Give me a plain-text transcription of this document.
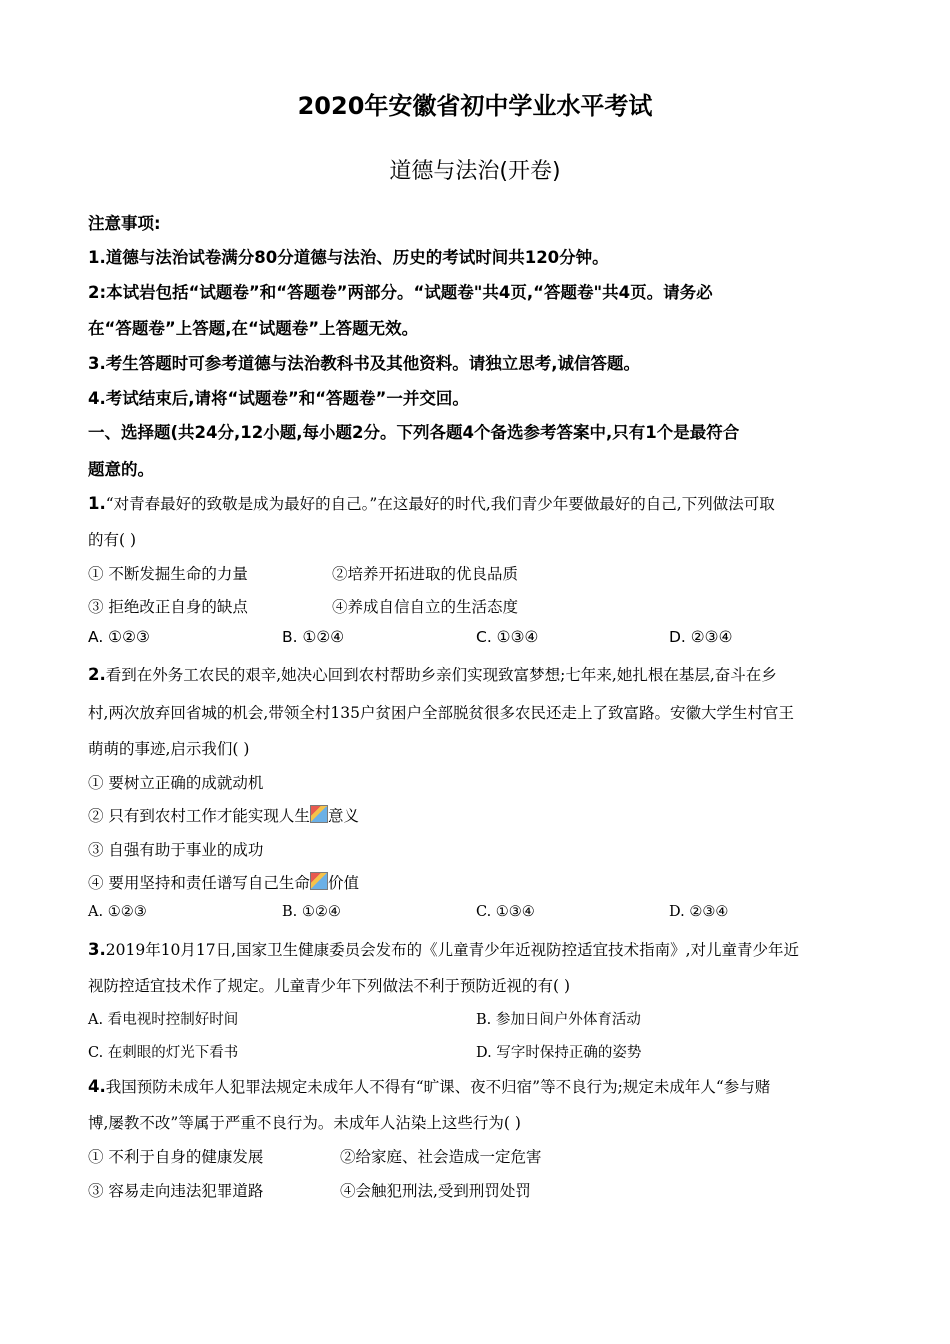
2020年安徽省初中学业水平考试
道德与法治(开卷)
注意事项:
1.道德与法治试卷满分80分道德与法治、历史的考试时间共120分钟。
2:本试岩包括“试题卷”和“答题卷”两部分。“试题卷"共4页,“答题卷"共4页。请务必
在“答题卷”上答题,在“试题卷”上答题无效。
3.考生答题时可参考道德与法治教科书及其他资料。请独立思考,诚信答题。
4.考试结束后,请将“试题卷”和“答题卷”一并交回。
一、选择题(共24分,12小题,每小题2分。下列各题4个备选参考答案中,只有1个是最符合
题意的。
1.“对青春最好的致敬是成为最好的自己。”在这最好的时代,我们青少年要做最好的自己,下列做法可取
的有( )
① 不断发掘生命的力量	②培养开拓进取的优良品质
③ 拒绝改正自身的缺点	④养成自信自立的生活态度
A. ①②③	B. ①②④	C. ①③④	D. ②③④
2.看到在外务工农民的艰辛,她决心回到农村帮助乡亲们实现致富梦想;七年来,她扎根在基层,奋斗在乡
村,两次放弃回省城的机会,带领全村135户贫困户全部脱贫很多农民还走上了致富路。安徽大学生村官王
萌萌的事迹,启示我们( )
① 要树立正确的成就动机
② 只有到农村工作才能实现人生 意义
③ 自强有助于事业的成功
④ 要用坚持和责任谱写自己生命 价值
A. ①②③	B. ①②④	C. ①③④	D. ②③④
3.2019年10月17日,国家卫生健康委员会发布的《儿童青少年近视防控适宜技术指南》,对儿童青少年近
视防控适宜技术作了规定。儿童青少年下列做法不利于预防近视的有( )
A. 看电视时控制好时间	B. 参加日间户外体育活动
C. 在刺眼的灯光下看书	D. 写字时保持正确的姿势
4.我国预防未成年人犯罪法规定未成年人不得有“旷课、夜不归宿”等不良行为;规定未成年人“参与赌
博,屡教不改”等属于严重不良行为。未成年人沾染上这些行为( )
① 不利于自身的健康发展	②给家庭、社会造成一定危害
③ 容易走向违法犯罪道路	④会触犯刑法,受到刑罚处罚
